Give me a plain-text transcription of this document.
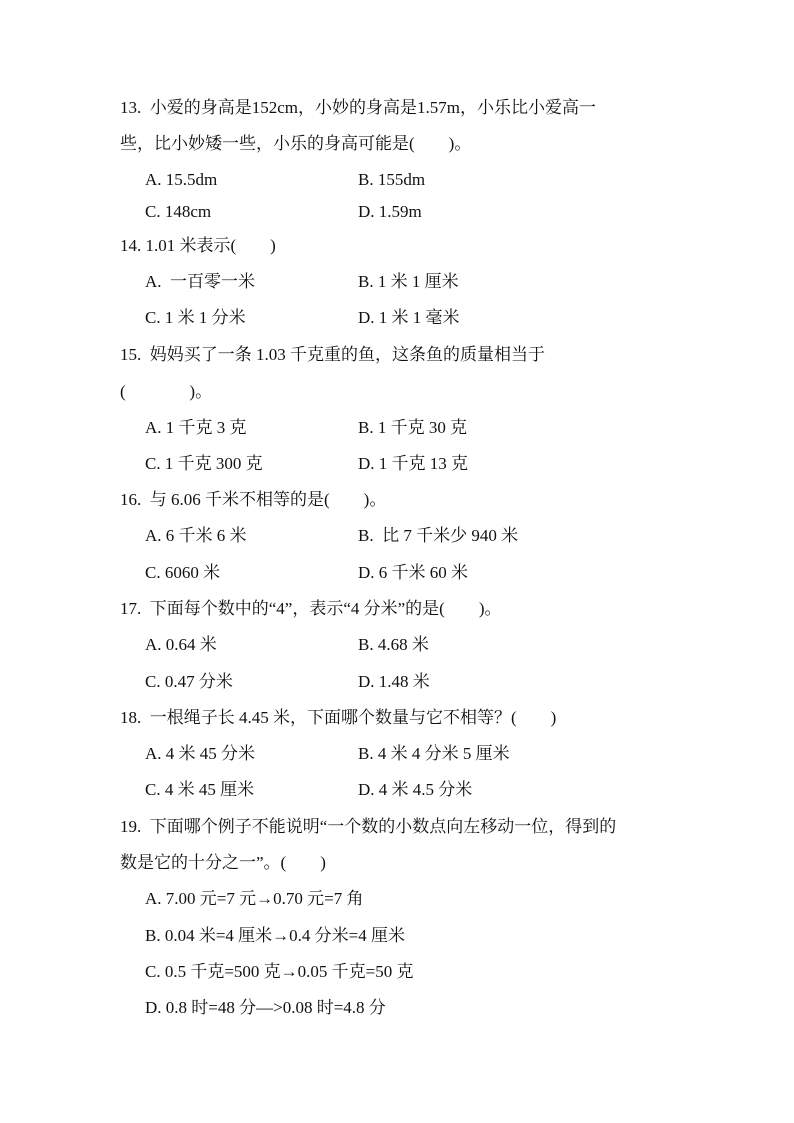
13. 小爱的身高是152cm，小妙的身高是1.57m，小乐比小爱高一
些，比小妙矮一些，小乐的身高可能是(        )。
A. 15.5dm	B. 155dm
C. 148cm	D. 1.59m
14. 1.01 米表示(        )
A.  一百零一米	B. 1 米 1 厘米
C. 1 米 1 分米	D. 1 米 1 毫米
15. 妈妈买了一条 1.03 千克重的鱼，这条鱼的质量相当于
(               )。
A. 1 千克 3 克	B. 1 千克 30 克
C. 1 千克 300 克	D. 1 千克 13 克
16. 与 6.06 千米不相等的是(        )。
A. 6 千米 6 米	B.  比 7 千米少 940 米
C. 6060 米	D. 6 千米 60 米
17. 下面每个数中的“4”，表示“4 分米”的是(        )。
A. 0.64 米	B. 4.68 米
C. 0.47 分米	D. 1.48 米
18. 一根绳子长 4.45 米，下面哪个数量与它不相等？(        )
A. 4 米 45 分米	B. 4 米 4 分米 5 厘米
C. 4 米 45 厘米	D. 4 米 4.5 分米
19. 下面哪个例子不能说明“一个数的小数点向左移动一位，得到的
数是它的十分之一”。(        )
A. 7.00 元=7 元→0.70 元=7 角
B. 0.04 米=4 厘米→0.4 分米=4 厘米
C. 0.5 千克=500 克→0.05 千克=50 克
D. 0.8 时=48 分—>0.08 时=4.8 分
